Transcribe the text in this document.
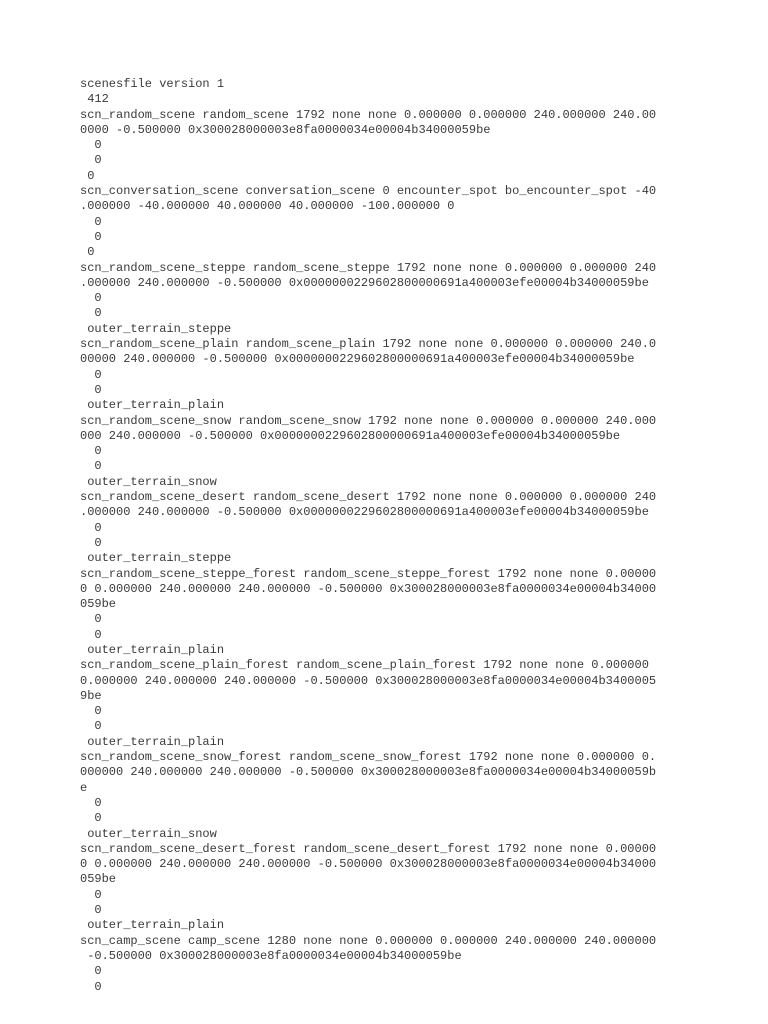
scenesfile version 1
412
scn_random_scene random_scene 1792 none none 0.000000 0.000000 240.000000 240.00
0000 -0.500000 0x300028000003e8fa0000034e00004b34000059be
0
0
0
scn_conversation_scene conversation_scene 0 encounter_spot bo_encounter_spot -40
.000000 -40.000000 40.000000 40.000000 -100.000000 0
0
0
0
scn_random_scene_steppe random_scene_steppe 1792 none none 0.000000 0.000000 240
.000000 240.000000 -0.500000 0x0000000229602800000691a400003efe00004b34000059be
0
0
outer_terrain_steppe
scn_random_scene_plain random_scene_plain 1792 none none 0.000000 0.000000 240.0
00000 240.000000 -0.500000 0x0000000229602800000691a400003efe00004b34000059be
0
0
outer_terrain_plain
scn_random_scene_snow random_scene_snow 1792 none none 0.000000 0.000000 240.000
000 240.000000 -0.500000 0x0000000229602800000691a400003efe00004b34000059be
0
0
outer_terrain_snow
scn_random_scene_desert random_scene_desert 1792 none none 0.000000 0.000000 240
.000000 240.000000 -0.500000 0x0000000229602800000691a400003efe00004b34000059be
0
0
outer_terrain_steppe
scn_random_scene_steppe_forest random_scene_steppe_forest 1792 none none 0.00000
0 0.000000 240.000000 240.000000 -0.500000 0x300028000003e8fa0000034e00004b34000
059be
0
0
outer_terrain_plain
scn_random_scene_plain_forest random_scene_plain_forest 1792 none none 0.000000
0.000000 240.000000 240.000000 -0.500000 0x300028000003e8fa0000034e00004b3400005
9be
0
0
outer_terrain_plain
scn_random_scene_snow_forest random_scene_snow_forest 1792 none none 0.000000 0.
000000 240.000000 240.000000 -0.500000 0x300028000003e8fa0000034e00004b34000059b
e
0
0
outer_terrain_snow
scn_random_scene_desert_forest random_scene_desert_forest 1792 none none 0.00000
0 0.000000 240.000000 240.000000 -0.500000 0x300028000003e8fa0000034e00004b34000
059be
0
0
outer_terrain_plain
scn_camp_scene camp_scene 1280 none none 0.000000 0.000000 240.000000 240.000000
-0.500000 0x300028000003e8fa0000034e00004b34000059be
0
0
